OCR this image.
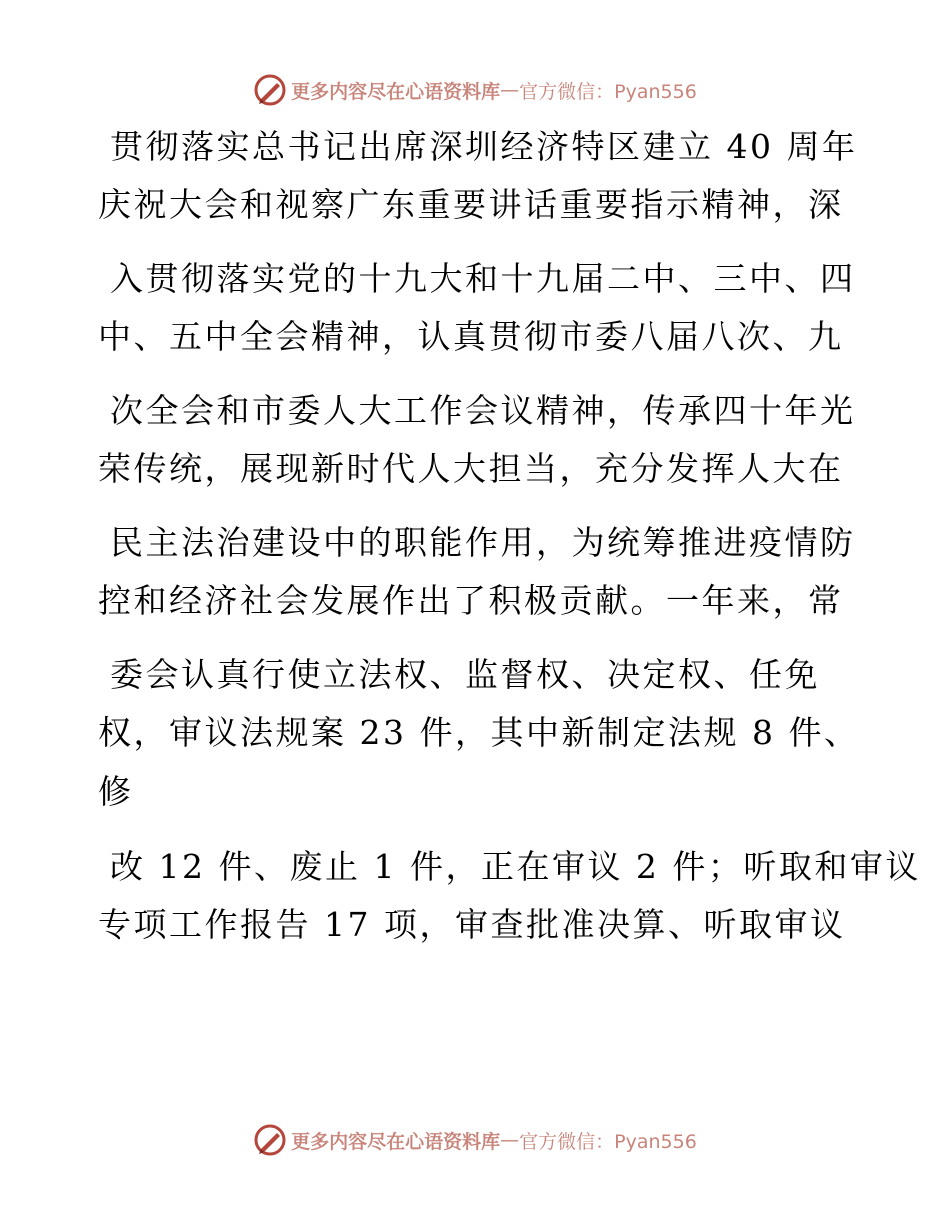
更多内容尽在心语资料库 — 官方微信：Pyan556
贯彻落实总书记出席深圳经济特区建立 40 周年
庆祝大会和视察广东重要讲话重要指示精神，深
入贯彻落实党的十九大和十九届二中、三中、四
中、五中全会精神，认真贯彻市委八届八次、九
次全会和市委人大工作会议精神，传承四十年光
荣传统，展现新时代人大担当，充分发挥人大在
民主法治建设中的职能作用，为统筹推进疫情防
控和经济社会发展作出了积极贡献。一年来，常
委会认真行使立法权、监督权、决定权、任免
权，审议法规案 23 件，其中新制定法规 8 件、
修
改 12 件、废止 1 件，正在审议 2 件；听取和审议
专项工作报告 17 项，审查批准决算、听取审议
更多内容尽在心语资料库 — 官方微信：Pyan556
